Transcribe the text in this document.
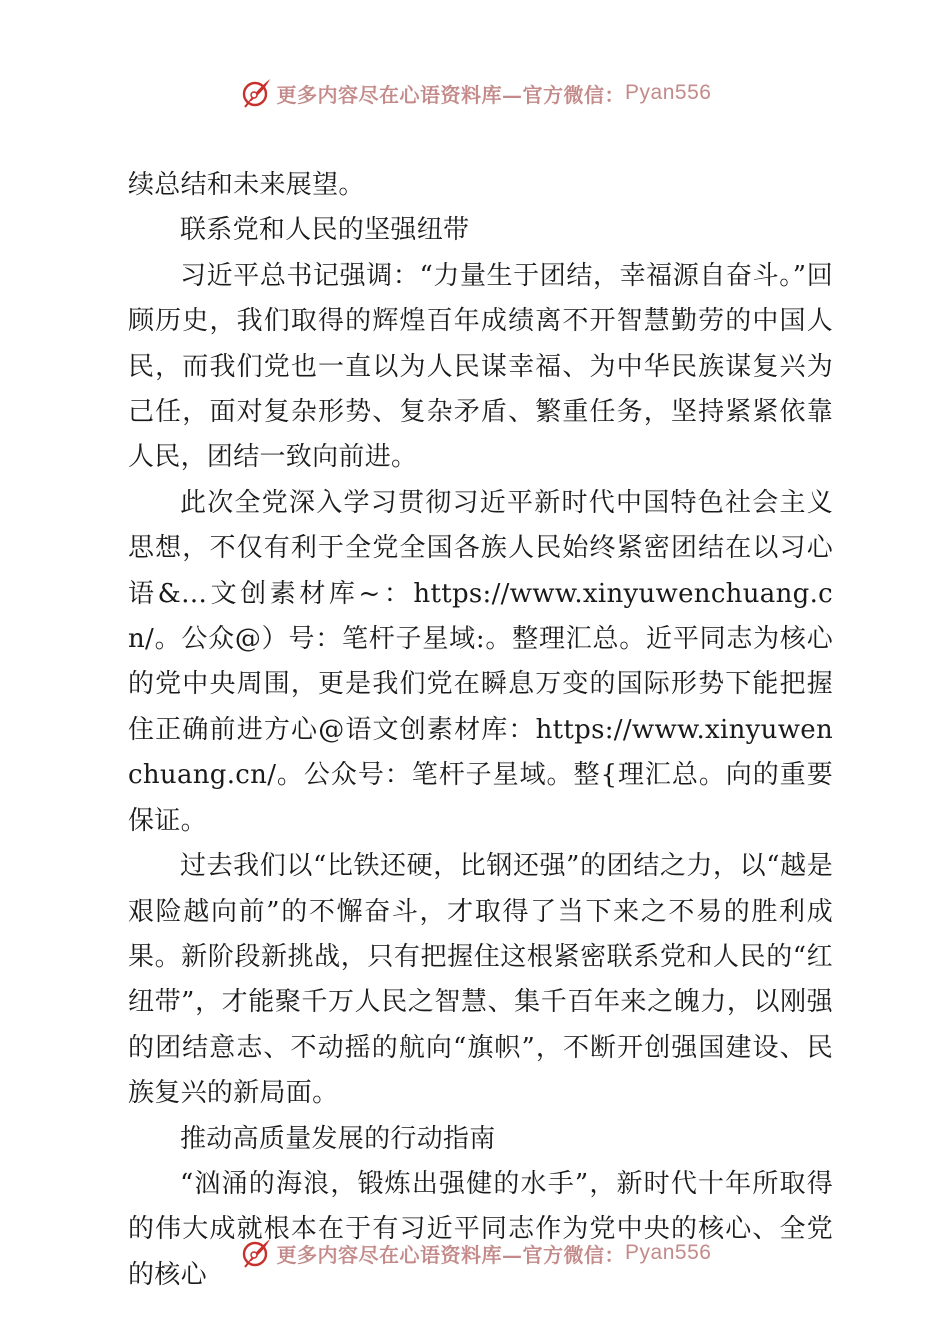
更多内容尽在心语资料库—官方微信： Pyan556

续总结和未来展望。

联系党和人民的坚强纽带

习近平总书记强调：“力量生于团结，幸福源自奋斗。”回顾历史，我们取得的辉煌百年成绩离不开智慧勤劳的中国人民，而我们党也一直以为人民谋幸福、为中华民族谋复兴为己任，面对复杂形势、复杂矛盾、繁重任务，坚持紧紧依靠人民，团结一致向前进。

此次全党深入学习贯彻习近平新时代中国特色社会主义思想，不仅有利于全党全国各族人民始终紧密团结在以习心语&…文创素材库~：https://www.xinyuwenchuang.cn/。公众@）号：笔杆子星域:。整理汇总。近平同志为核心的党中央周围，更是我们党在瞬息万变的国际形势下能把握住正确前进方心@语文创素材库：https://www.xinyuwenchuang.cn/。公众号：笔杆子星域。整{理汇总。向的重要保证。

过去我们以“比铁还硬，比钢还强”的团结之力，以“越是艰险越向前”的不懈奋斗，才取得了当下来之不易的胜利成果。新阶段新挑战，只有把握住这根紧密联系党和人民的“红纽带”，才能聚千万人民之智慧、集千百年来之魄力，以刚强的团结意志、不动摇的航向“旗帜”，不断开创强国建设、民族复兴的新局面。

推动高质量发展的行动指南

“汹涌的海浪，锻炼出强健的水手”，新时代十年所取得的伟大成就根本在于有习近平同志作为党中央的核心、全党的核心

更多内容尽在心语资料库—官方微信： Pyan556
